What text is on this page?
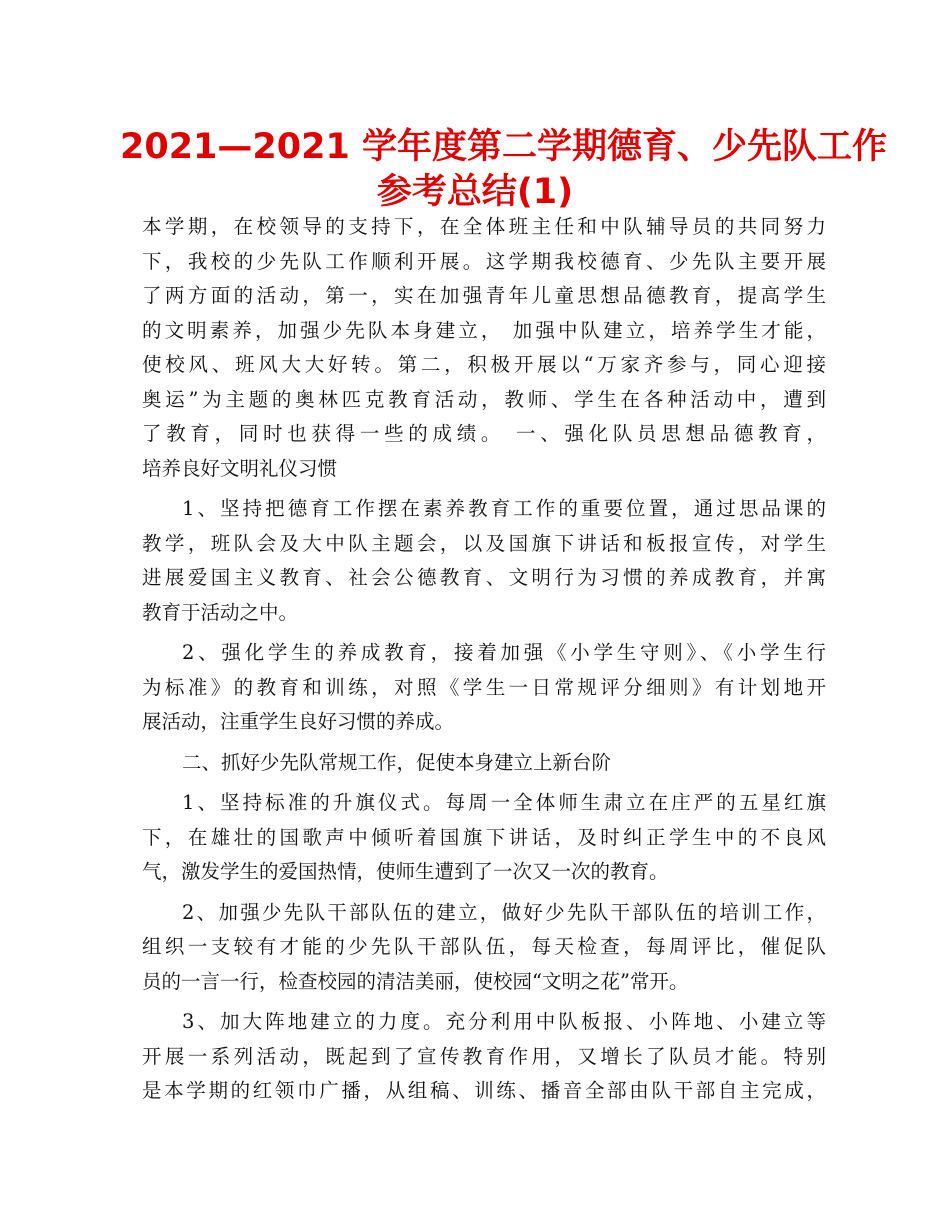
2021—2021 学年度第二学期德育、少先队工作
参考总结(1)
本学期，在校领导的支持下，在全体班主任和中队辅导员的共同努力
下，我校的少先队工作顺利开展。这学期我校德育、少先队主要开展
了两方面的活动，第一，实在加强青年儿童思想品德教育，提高学生
的文明素养，加强少先队本身建立， 加强中队建立，培养学生才能，
使校风、班风大大好转。第二，积极开展以“万家齐参与，同心迎接
奥运”为主题的奥林匹克教育活动，教师、学生在各种活动中，遭到
了教育，同时也获得一些的成绩。 一、强化队员思想品德教育，
培养良好文明礼仪习惯
1、坚持把德育工作摆在素养教育工作的重要位置，通过思品课的
教学，班队会及大中队主题会，以及国旗下讲话和板报宣传，对学生
进展爱国主义教育、社会公德教育、文明行为习惯的养成教育，并寓
教育于活动之中。
2、强化学生的养成教育，接着加强《小学生守则》、《小学生行
为标准》的教育和训练，对照《学生一日常规评分细则》有计划地开
展活动，注重学生良好习惯的养成。
二、抓好少先队常规工作，促使本身建立上新台阶
1、坚持标准的升旗仪式。每周一全体师生肃立在庄严的五星红旗
下，在雄壮的国歌声中倾听着国旗下讲话，及时纠正学生中的不良风
气，激发学生的爱国热情，使师生遭到了一次又一次的教育。
2、加强少先队干部队伍的建立，做好少先队干部队伍的培训工作，
组织一支较有才能的少先队干部队伍，每天检查，每周评比，催促队
员的一言一行，检查校园的清洁美丽，使校园“文明之花”常开。
3、加大阵地建立的力度。充分利用中队板报、小阵地、小建立等
开展一系列活动，既起到了宣传教育作用，又增长了队员才能。特别
是本学期的红领巾广播，从组稿、训练、播音全部由队干部自主完成，
